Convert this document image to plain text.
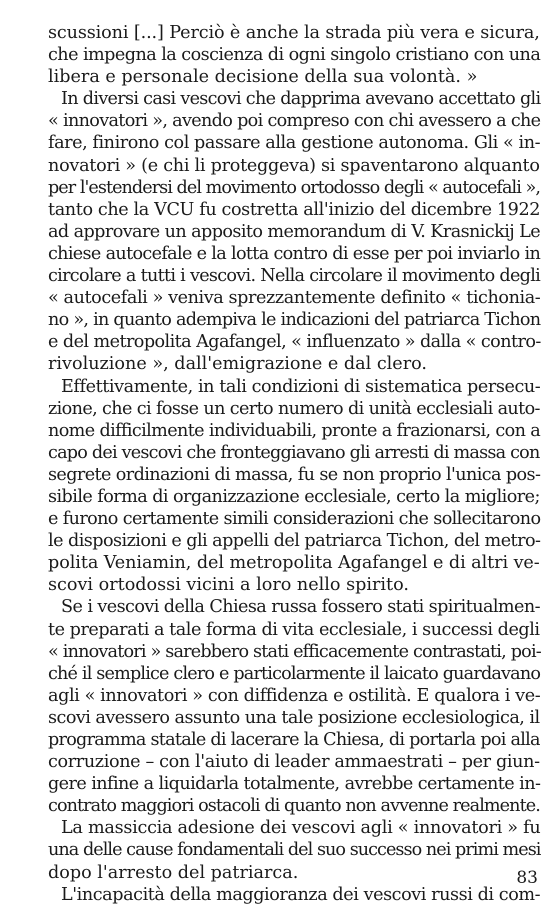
scussioni [...] Perciò è anche la strada più vera e sicura,
che impegna la coscienza di ogni singolo cristiano con una
libera e personale decisione della sua volontà. »
In diversi casi vescovi che dapprima avevano accettato gli
« innovatori », avendo poi compreso con chi avessero a che
fare, finirono col passare alla gestione autonoma. Gli « in-
novatori » (e chi li proteggeva) si spaventarono alquanto
per l'estendersi del movimento ortodosso degli « autocefali »,
tanto che la VCU fu costretta all'inizio del dicembre 1922
ad approvare un apposito memorandum di V. Krasnickij Le
chiese autocefale e la lotta contro di esse per poi inviarlo in
circolare a tutti i vescovi. Nella circolare il movimento degli
« autocefali » veniva sprezzantemente definito « tichonia-
no », in quanto adempiva le indicazioni del patriarca Tichon
e del metropolita Agafangel, « influenzato » dalla « contro-
rivoluzione », dall'emigrazione e dal clero.
Effettivamente, in tali condizioni di sistematica persecu-
zione, che ci fosse un certo numero di unità ecclesiali auto-
nome difficilmente individuabili, pronte a frazionarsi, con a
capo dei vescovi che fronteggiavano gli arresti di massa con
segrete ordinazioni di massa, fu se non proprio l'unica pos-
sibile forma di organizzazione ecclesiale, certo la migliore;
e furono certamente simili considerazioni che sollecitarono
le disposizioni e gli appelli del patriarca Tichon, del metro-
polita Veniamin, del metropolita Agafangel e di altri ve-
scovi ortodossi vicini a loro nello spirito.
Se i vescovi della Chiesa russa fossero stati spiritualmen-
te preparati a tale forma di vita ecclesiale, i successi degli
« innovatori » sarebbero stati efficacemente contrastati, poi-
ché il semplice clero e particolarmente il laicato guardavano
agli « innovatori » con diffidenza e ostilità. E qualora i ve-
scovi avessero assunto una tale posizione ecclesiologica, il
programma statale di lacerare la Chiesa, di portarla poi alla
corruzione – con l'aiuto di leader ammaestrati – per giun-
gere infine a liquidarla totalmente, avrebbe certamente in-
contrato maggiori ostacoli di quanto non avvenne realmente.
La massiccia adesione dei vescovi agli « innovatori » fu
una delle cause fondamentali del suo successo nei primi mesi
dopo l'arresto del patriarca.
L'incapacità della maggioranza dei vescovi russi di com-
83
